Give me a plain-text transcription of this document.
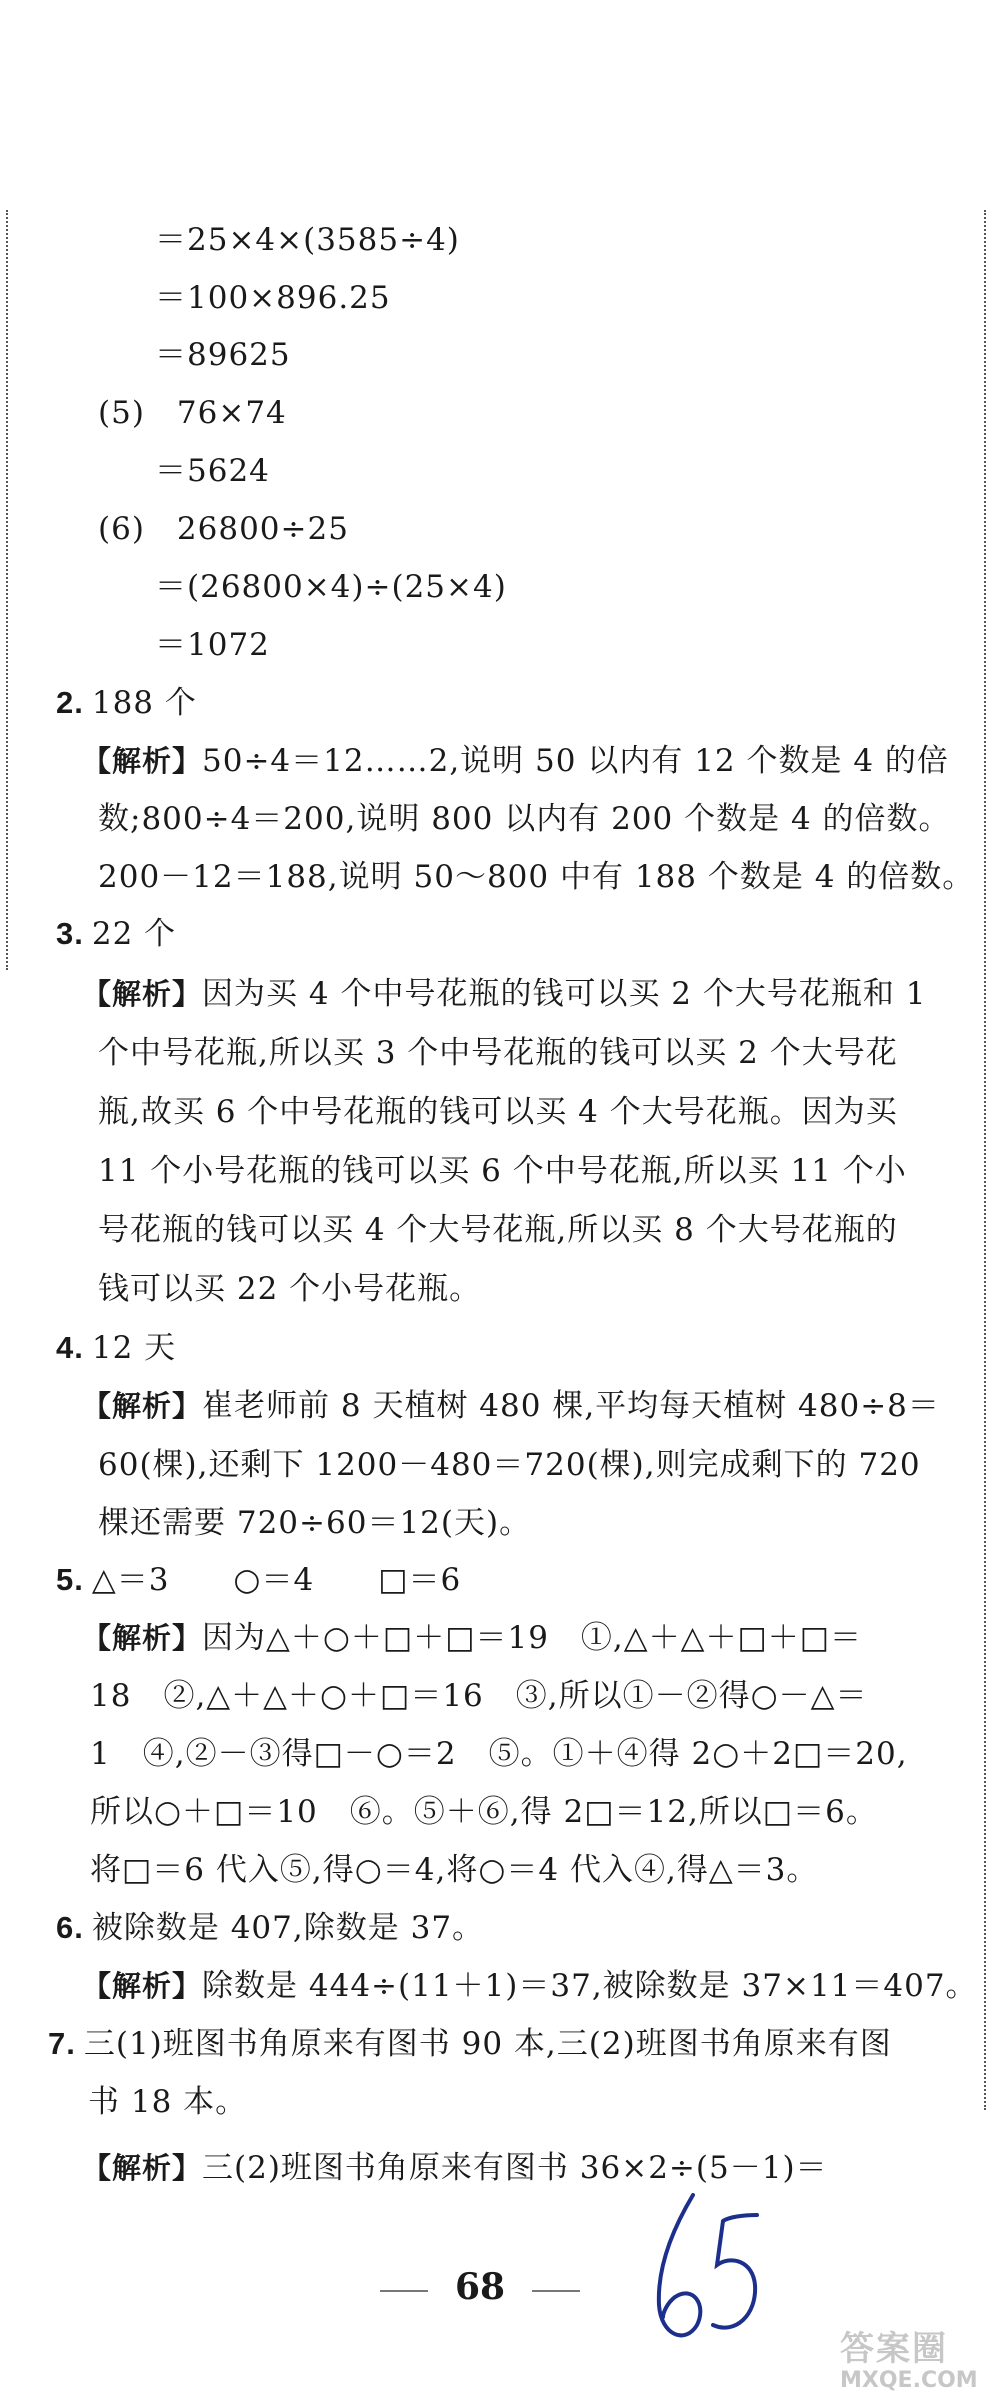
＝25×4×(3585÷4)
＝100×896.25
＝89625
(5)　76×74
＝5624
(6)　26800÷25
＝(26800×4)÷(25×4)
＝1072
2. 188 个
【解析】50÷4＝12……2,说明 50 以内有 12 个数是 4 的倍
数;800÷4＝200,说明 800 以内有 200 个数是 4 的倍数。
200－12＝188,说明 50～800 中有 188 个数是 4 的倍数。
3. 22 个
【解析】因为买 4 个中号花瓶的钱可以买 2 个大号花瓶和 1
个中号花瓶,所以买 3 个中号花瓶的钱可以买 2 个大号花
瓶,故买 6 个中号花瓶的钱可以买 4 个大号花瓶。因为买
11 个小号花瓶的钱可以买 6 个中号花瓶,所以买 11 个小
号花瓶的钱可以买 4 个大号花瓶,所以买 8 个大号花瓶的
钱可以买 22 个小号花瓶。
4. 12 天
【解析】崔老师前 8 天植树 480 棵,平均每天植树 480÷8＝
60(棵),还剩下 1200－480＝720(棵),则完成剩下的 720
棵还需要 720÷60＝12(天)。
5. △＝3　　○＝4　　□＝6
【解析】因为△＋○＋□＋□＝19　①,△＋△＋□＋□＝
18　②,△＋△＋○＋□＝16　③,所以①－②得○－△＝
1　④,②－③得□－○＝2　⑤。①＋④得 2○＋2□＝20,
所以○＋□＝10　⑥。⑤＋⑥,得 2□＝12,所以□＝6。
将□＝6 代入⑤,得○＝4,将○＝4 代入④,得△＝3。
6. 被除数是 407,除数是 37。
【解析】除数是 444÷(11＋1)＝37,被除数是 37×11＝407。
7. 三(1)班图书角原来有图书 90 本,三(2)班图书角原来有图
书 18 本。
【解析】三(2)班图书角原来有图书 36×2÷(5－1)＝
68
答案圈
MXQE.COM
